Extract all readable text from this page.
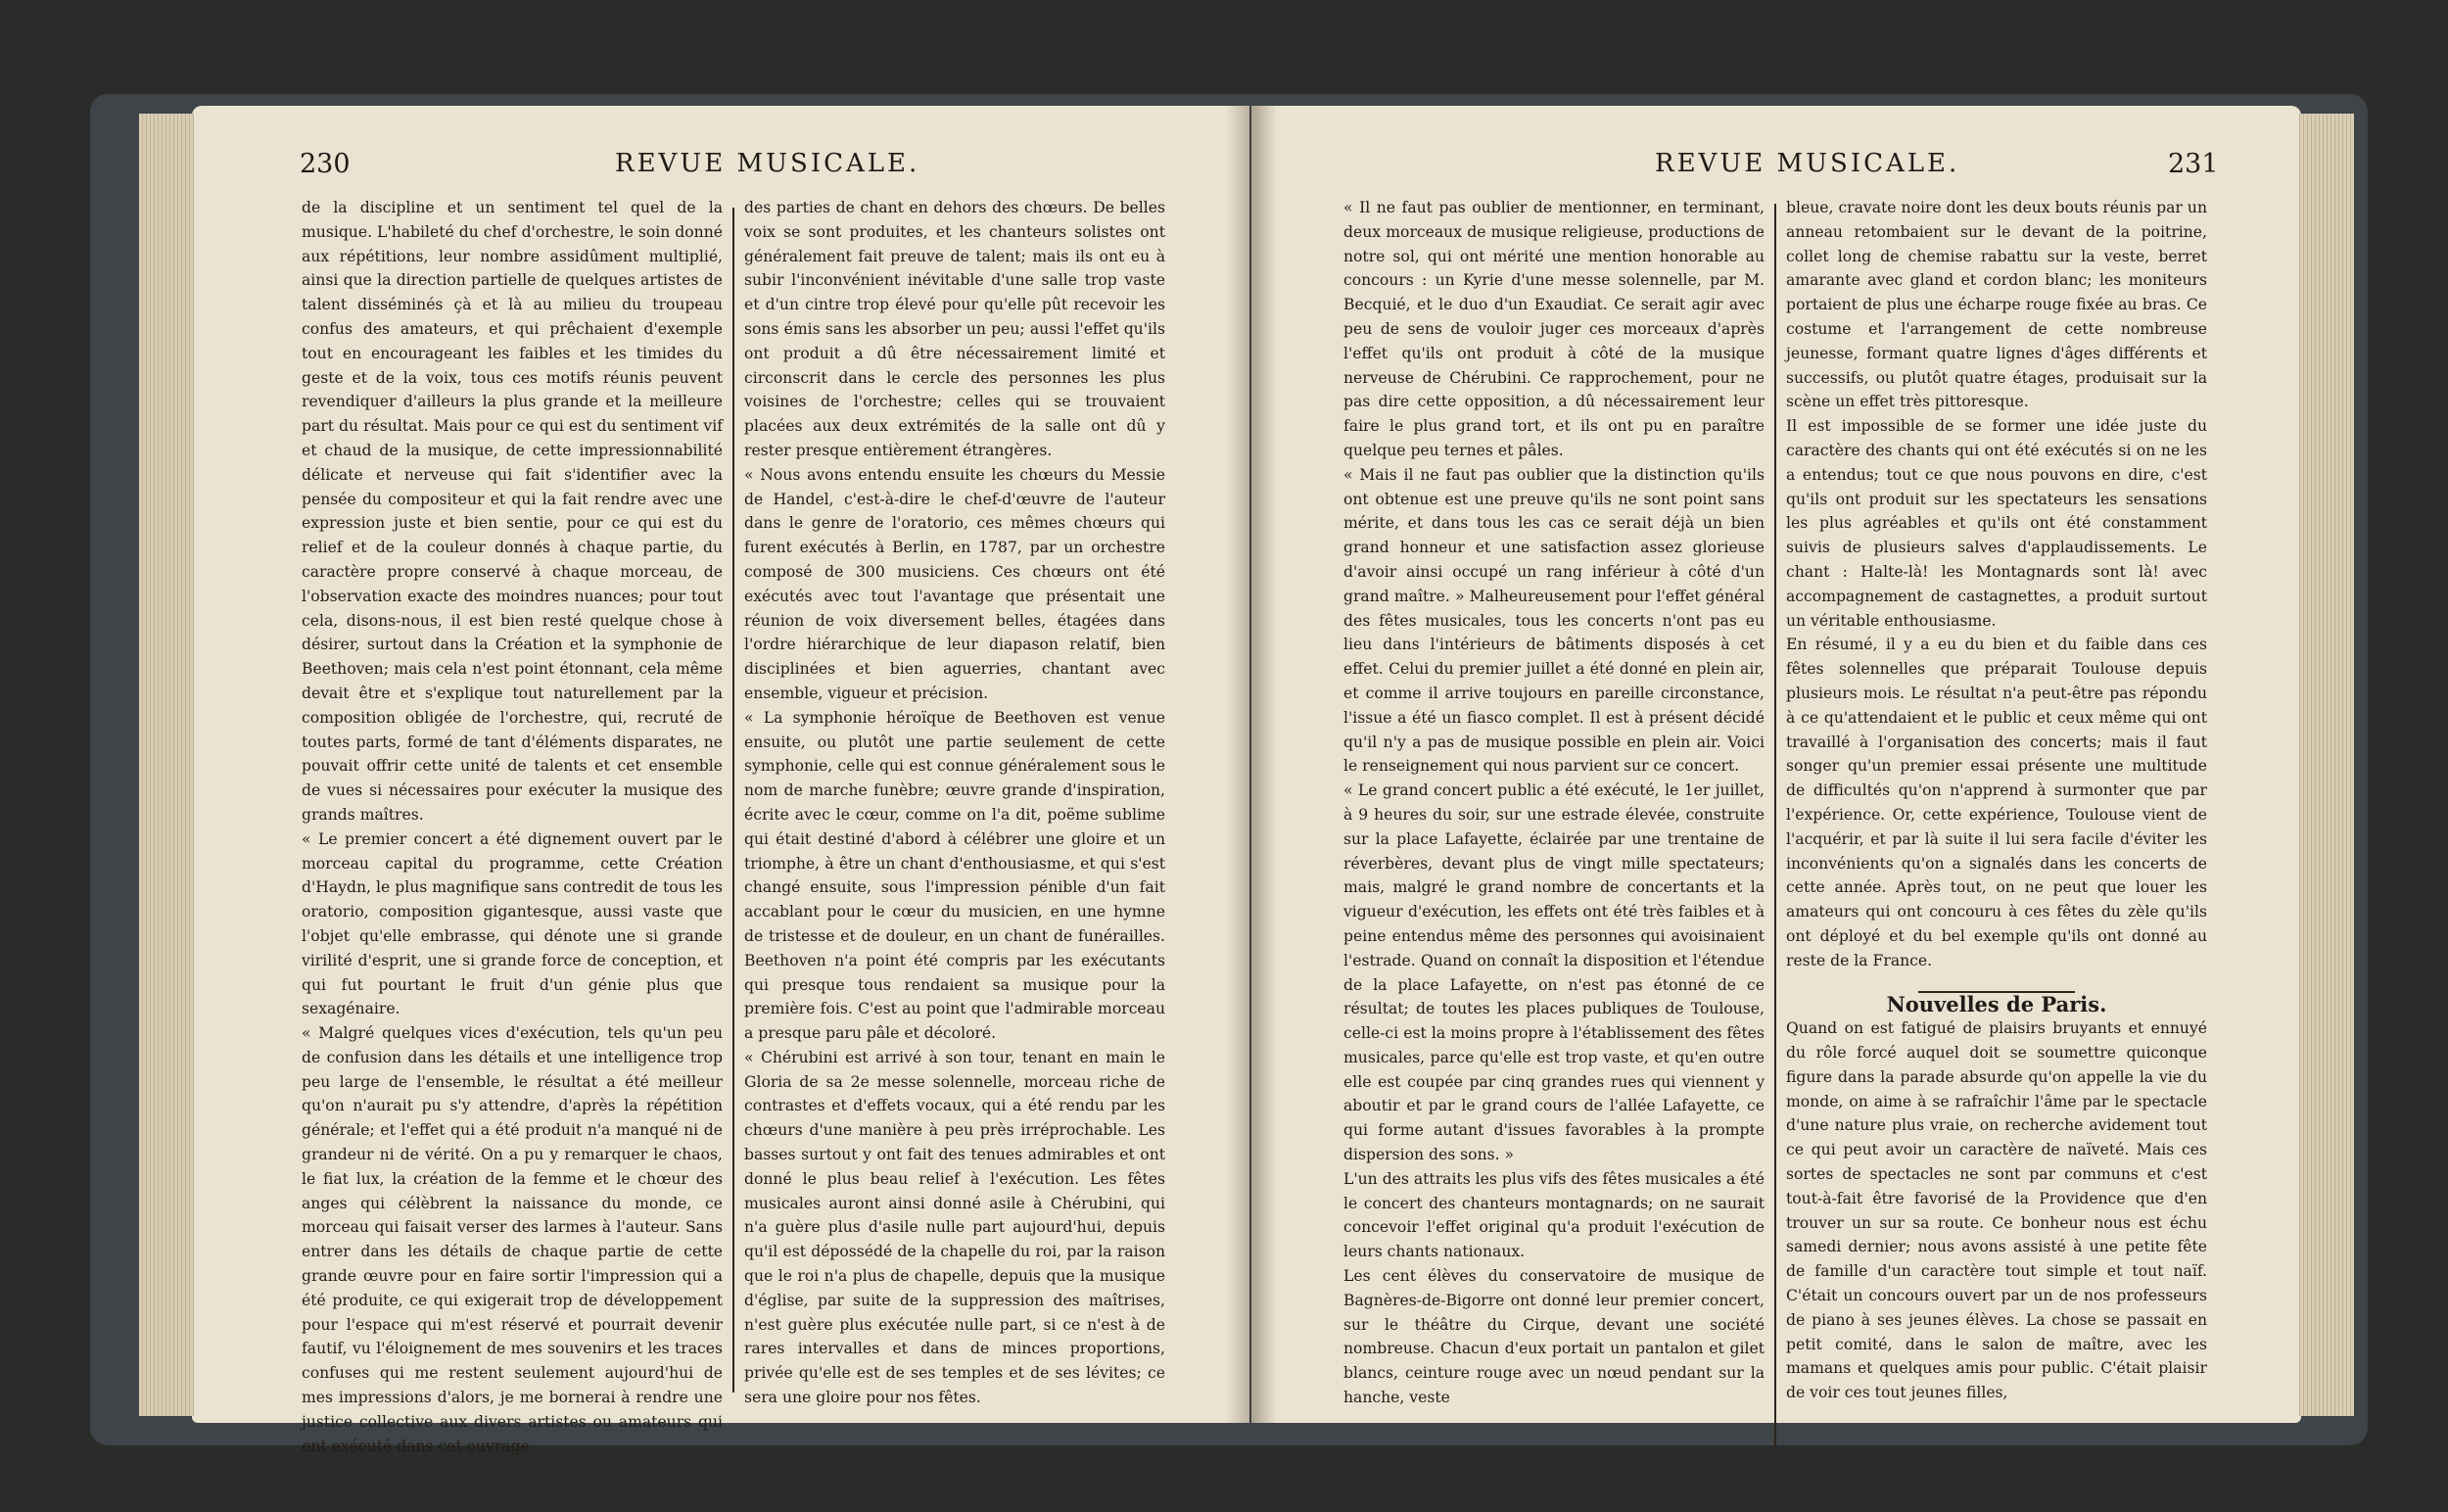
230	REVUE MUSICALE.

de la discipline et un sentiment tel quel de la musique. L'habileté du chef d'orchestre, le soin donné aux répétitions, leur nombre assidûment multiplié, ainsi que la direction partielle de quelques artistes de talent disséminés çà et là au milieu du troupeau confus des amateurs, et qui prêchaient d'exemple tout en encourageant les faibles et les timides du geste et de la voix, tous ces motifs réunis peuvent revendiquer d'ailleurs la plus grande et la meilleure part du résultat. Mais pour ce qui est du sentiment vif et chaud de la musique, de cette impressionnabilité délicate et nerveuse qui fait s'identifier avec la pensée du compositeur et qui la fait rendre avec une expression juste et bien sentie, pour ce qui est du relief et de la couleur donnés à chaque partie, du caractère propre conservé à chaque morceau, de l'observation exacte des moindres nuances; pour tout cela, disons-nous, il est bien resté quelque chose à désirer, surtout dans la Création et la symphonie de Beethoven; mais cela n'est point étonnant, cela même devait être et s'explique tout naturellement par la composition obligée de l'orchestre, qui, recruté de toutes parts, formé de tant d'éléments disparates, ne pouvait offrir cette unité de talents et cet ensemble de vues si nécessaires pour exécuter la musique des grands maîtres.

« Le premier concert a été dignement ouvert par le morceau capital du programme, cette Création d'Haydn, le plus magnifique sans contredit de tous les oratorio, composition gigantesque, aussi vaste que l'objet qu'elle embrasse, qui dénote une si grande virilité d'esprit, une si grande force de conception, et qui fut pourtant le fruit d'un génie plus que sexagénaire.

« Malgré quelques vices d'exécution, tels qu'un peu de confusion dans les détails et une intelligence trop peu large de l'ensemble, le résultat a été meilleur qu'on n'aurait pu s'y attendre, d'après la répétition générale; et l'effet qui a été produit n'a manqué ni de grandeur ni de vérité. On a pu y remarquer le chaos, le fiat lux, la création de la femme et le chœur des anges qui célèbrent la naissance du monde, ce morceau qui faisait verser des larmes à l'auteur. Sans entrer dans les détails de chaque partie de cette grande œuvre pour en faire sortir l'impression qui a été produite, ce qui exigerait trop de développement pour l'espace qui m'est réservé et pourrait devenir fautif, vu l'éloignement de mes souvenirs et les traces confuses qui me restent seulement aujourd'hui de mes impressions d'alors, je me bornerai à rendre une justice collective aux divers artistes ou amateurs qui ont exécuté dans cet ouvrage

des parties de chant en dehors des chœurs. De belles voix se sont produites, et les chanteurs solistes ont généralement fait preuve de talent; mais ils ont eu à subir l'inconvénient inévitable d'une salle trop vaste et d'un cintre trop élevé pour qu'elle pût recevoir les sons émis sans les absorber un peu; aussi l'effet qu'ils ont produit a dû être nécessairement limité et circonscrit dans le cercle des personnes les plus voisines de l'orchestre; celles qui se trouvaient placées aux deux extrémités de la salle ont dû y rester presque entièrement étrangères.

« Nous avons entendu ensuite les chœurs du Messie de Handel, c'est-à-dire le chef-d'œuvre de l'auteur dans le genre de l'oratorio, ces mêmes chœurs qui furent exécutés à Berlin, en 1787, par un orchestre composé de 300 musiciens. Ces chœurs ont été exécutés avec tout l'avantage que présentait une réunion de voix diversement belles, étagées dans l'ordre hiérarchique de leur diapason relatif, bien disciplinées et bien aguerries, chantant avec ensemble, vigueur et précision.

« La symphonie héroïque de Beethoven est venue ensuite, ou plutôt une partie seulement de cette symphonie, celle qui est connue généralement sous le nom de marche funèbre; œuvre grande d'inspiration, écrite avec le cœur, comme on l'a dit, poëme sublime qui était destiné d'abord à célébrer une gloire et un triomphe, à être un chant d'enthousiasme, et qui s'est changé ensuite, sous l'impression pénible d'un fait accablant pour le cœur du musicien, en une hymne de tristesse et de douleur, en un chant de funérailles. Beethoven n'a point été compris par les exécutants qui presque tous rendaient sa musique pour la première fois. C'est au point que l'admirable morceau a presque paru pâle et décoloré.

« Chérubini est arrivé à son tour, tenant en main le Gloria de sa 2e messe solennelle, morceau riche de contrastes et d'effets vocaux, qui a été rendu par les chœurs d'une manière à peu près irréprochable. Les basses surtout y ont fait des tenues admirables et ont donné le plus beau relief à l'exécution. Les fêtes musicales auront ainsi donné asile à Chérubini, qui n'a guère plus d'asile nulle part aujourd'hui, depuis qu'il est dépossédé de la chapelle du roi, par la raison que le roi n'a plus de chapelle, depuis que la musique d'église, par suite de la suppression des maîtrises, n'est guère plus exécutée nulle part, si ce n'est à de rares intervalles et dans de minces proportions, privée qu'elle est de ses temples et de ses lévites; ce sera une gloire pour nos fêtes.

REVUE MUSICALE.	231

« Il ne faut pas oublier de mentionner, en terminant, deux morceaux de musique religieuse, productions de notre sol, qui ont mérité une mention honorable au concours : un Kyrie d'une messe solennelle, par M. Becquié, et le duo d'un Exaudiat. Ce serait agir avec peu de sens de vouloir juger ces morceaux d'après l'effet qu'ils ont produit à côté de la musique nerveuse de Chérubini. Ce rapprochement, pour ne pas dire cette opposition, a dû nécessairement leur faire le plus grand tort, et ils ont pu en paraître quelque peu ternes et pâles.

« Mais il ne faut pas oublier que la distinction qu'ils ont obtenue est une preuve qu'ils ne sont point sans mérite, et dans tous les cas ce serait déjà un bien grand honneur et une satisfaction assez glorieuse d'avoir ainsi occupé un rang inférieur à côté d'un grand maître. » Malheureusement pour l'effet général des fêtes musicales, tous les concerts n'ont pas eu lieu dans l'intérieurs de bâtiments disposés à cet effet. Celui du premier juillet a été donné en plein air, et comme il arrive toujours en pareille circonstance, l'issue a été un fiasco complet. Il est à présent décidé qu'il n'y a pas de musique possible en plein air. Voici le renseignement qui nous parvient sur ce concert.

« Le grand concert public a été exécuté, le 1er juillet, à 9 heures du soir, sur une estrade élevée, construite sur la place Lafayette, éclairée par une trentaine de réverbères, devant plus de vingt mille spectateurs; mais, malgré le grand nombre de concertants et la vigueur d'exécution, les effets ont été très faibles et à peine entendus même des personnes qui avoisinaient l'estrade. Quand on connaît la disposition et l'étendue de la place Lafayette, on n'est pas étonné de ce résultat; de toutes les places publiques de Toulouse, celle-ci est la moins propre à l'établissement des fêtes musicales, parce qu'elle est trop vaste, et qu'en outre elle est coupée par cinq grandes rues qui viennent y aboutir et par le grand cours de l'allée Lafayette, ce qui forme autant d'issues favorables à la prompte dispersion des sons. »

L'un des attraits les plus vifs des fêtes musicales a été le concert des chanteurs montagnards; on ne saurait concevoir l'effet original qu'a produit l'exécution de leurs chants nationaux.

Les cent élèves du conservatoire de musique de Bagnères-de-Bigorre ont donné leur premier concert, sur le théâtre du Cirque, devant une société nombreuse. Chacun d'eux portait un pantalon et gilet blancs, ceinture rouge avec un nœud pendant sur la hanche, veste

bleue, cravate noire dont les deux bouts réunis par un anneau retombaient sur le devant de la poitrine, collet long de chemise rabattu sur la veste, berret amarante avec gland et cordon blanc; les moniteurs portaient de plus une écharpe rouge fixée au bras. Ce costume et l'arrangement de cette nombreuse jeunesse, formant quatre lignes d'âges différents et successifs, ou plutôt quatre étages, produisait sur la scène un effet très pittoresque.

Il est impossible de se former une idée juste du caractère des chants qui ont été exécutés si on ne les a entendus; tout ce que nous pouvons en dire, c'est qu'ils ont produit sur les spectateurs les sensations les plus agréables et qu'ils ont été constamment suivis de plusieurs salves d'applaudissements. Le chant : Halte-là! les Montagnards sont là! avec accompagnement de castagnettes, a produit surtout un véritable enthousiasme.

En résumé, il y a eu du bien et du faible dans ces fêtes solennelles que préparait Toulouse depuis plusieurs mois. Le résultat n'a peut-être pas répondu à ce qu'attendaient et le public et ceux même qui ont travaillé à l'organisation des concerts; mais il faut songer qu'un premier essai présente une multitude de difficultés qu'on n'apprend à surmonter que par l'expérience. Or, cette expérience, Toulouse vient de l'acquérir, et par là suite il lui sera facile d'éviter les inconvénients qu'on a signalés dans les concerts de cette année. Après tout, on ne peut que louer les amateurs qui ont concouru à ces fêtes du zèle qu'ils ont déployé et du bel exemple qu'ils ont donné au reste de la France.

Nouvelles de Paris.

Quand on est fatigué de plaisirs bruyants et ennuyé du rôle forcé auquel doit se soumettre quiconque figure dans la parade absurde qu'on appelle la vie du monde, on aime à se rafraîchir l'âme par le spectacle d'une nature plus vraie, on recherche avidement tout ce qui peut avoir un caractère de naïveté. Mais ces sortes de spectacles ne sont par communs et c'est tout-à-fait être favorisé de la Providence que d'en trouver un sur sa route. Ce bonheur nous est échu samedi dernier; nous avons assisté à une petite fête de famille d'un caractère tout simple et tout naïf. C'était un concours ouvert par un de nos professeurs de piano à ses jeunes élèves. La chose se passait en petit comité, dans le salon de maître, avec les mamans et quelques amis pour public. C'était plaisir de voir ces tout jeunes filles,
